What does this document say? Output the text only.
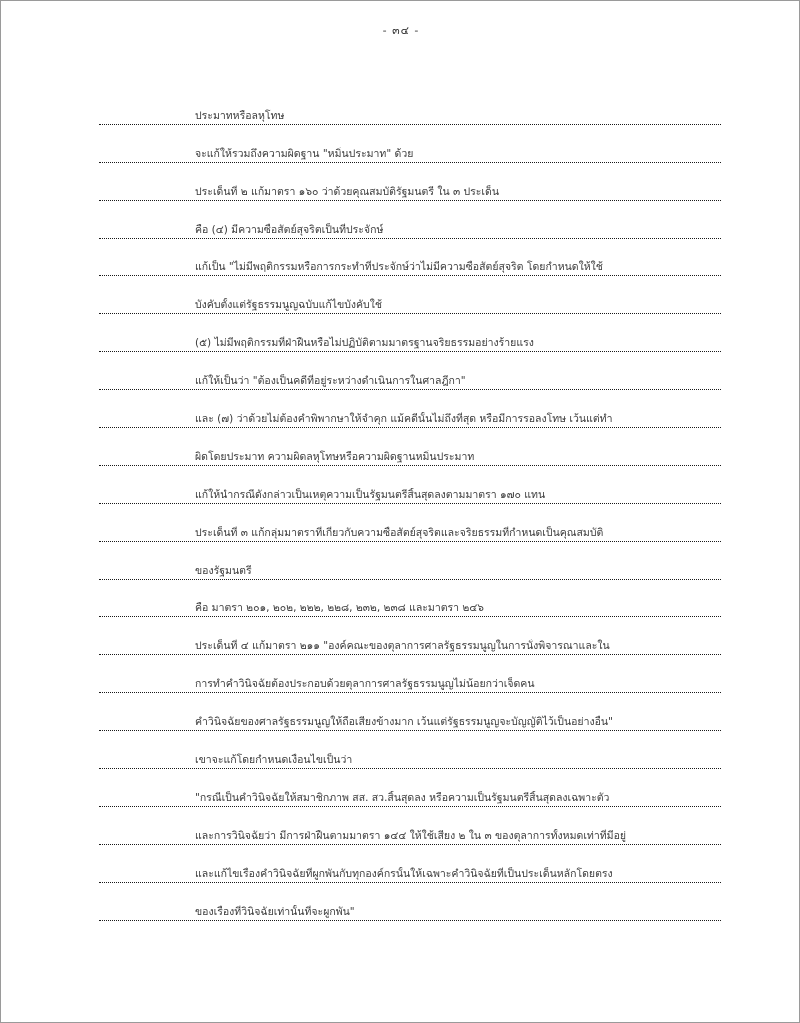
- ๓๔ -
ประมาทหรือลหุโทษ
จะแก้ให้รวมถึงความผิดฐาน "หมิ่นประมาท" ด้วย
ประเด็นที่ ๒ แก้มาตรา ๑๖๐ ว่าด้วยคุณสมบัติรัฐมนตรี ใน ๓ ประเด็น
คือ (๔) มีความซื่อสัตย์สุจริตเป็นที่ประจักษ์
แก้เป็น "ไม่มีพฤติกรรมหรือการกระทำที่ประจักษ์ว่าไม่มีความซื่อสัตย์สุจริต โดยกำหนดให้ใช้
บังคับตั้งแต่รัฐธรรมนูญฉบับแก้ไขบังคับใช้
(๕) ไม่มีพฤติกรรมที่ฝ่าฝืนหรือไม่ปฏิบัติตามมาตรฐานจริยธรรมอย่างร้ายแรง
แก้ให้เป็นว่า "ต้องเป็นคดีที่อยู่ระหว่างดำเนินการในศาลฎีกา"
และ (๗) ว่าด้วยไม่ต้องคำพิพากษาให้จำคุก แม้คดีนั้นไม่ถึงที่สุด หรือมีการรอลงโทษ เว้นแต่ทำ
ผิดโดยประมาท ความผิดลหุโทษหรือความผิดฐานหมิ่นประมาท
แก้ให้นำกรณีดังกล่าวเป็นเหตุความเป็นรัฐมนตรีสิ้นสุดลงตามมาตรา ๑๗๐ แทน
ประเด็นที่ ๓ แก้กลุ่มมาตราที่เกี่ยวกับความซื่อสัตย์สุจริตและจริยธรรมที่กำหนดเป็นคุณสมบัติ
ของรัฐมนตรี
คือ มาตรา ๒๐๑, ๒๐๒, ๒๒๒, ๒๒๘, ๒๓๒, ๒๓๘ และมาตรา ๒๔๖
ประเด็นที่ ๔ แก้มาตรา ๒๑๑ "องค์คณะของตุลาการศาลรัฐธรรมนูญในการนั่งพิจารณาและใน
การทำคำวินิจฉัยต้องประกอบด้วยตุลาการศาลรัฐธรรมนูญไม่น้อยกว่าเจ็ดคน
คำวินิจฉัยของศาลรัฐธรรมนูญให้ถือเสียงข้างมาก เว้นแต่รัฐธรรมนูญจะบัญญัติไว้เป็นอย่างอื่น"
เขาจะแก้โดยกำหนดเงื่อนไขเป็นว่า
"กรณีเป็นคำวินิจฉัยให้สมาชิกภาพ สส. สว.สิ้นสุดลง หรือความเป็นรัฐมนตรีสิ้นสุดลงเฉพาะตัว
และการวินิจฉัยว่า มีการฝ่าฝืนตามมาตรา ๑๔๔ ให้ใช้เสียง ๒ ใน ๓ ของตุลาการทั้งหมดเท่าที่มีอยู่
และแก้ไขเรื่องคำวินิจฉัยที่ผูกพันกับทุกองค์กรนั้นให้เฉพาะคำวินิจฉัยที่เป็นประเด็นหลักโดยตรง
ของเรื่องที่วินิจฉัยเท่านั้นที่จะผูกพัน"
